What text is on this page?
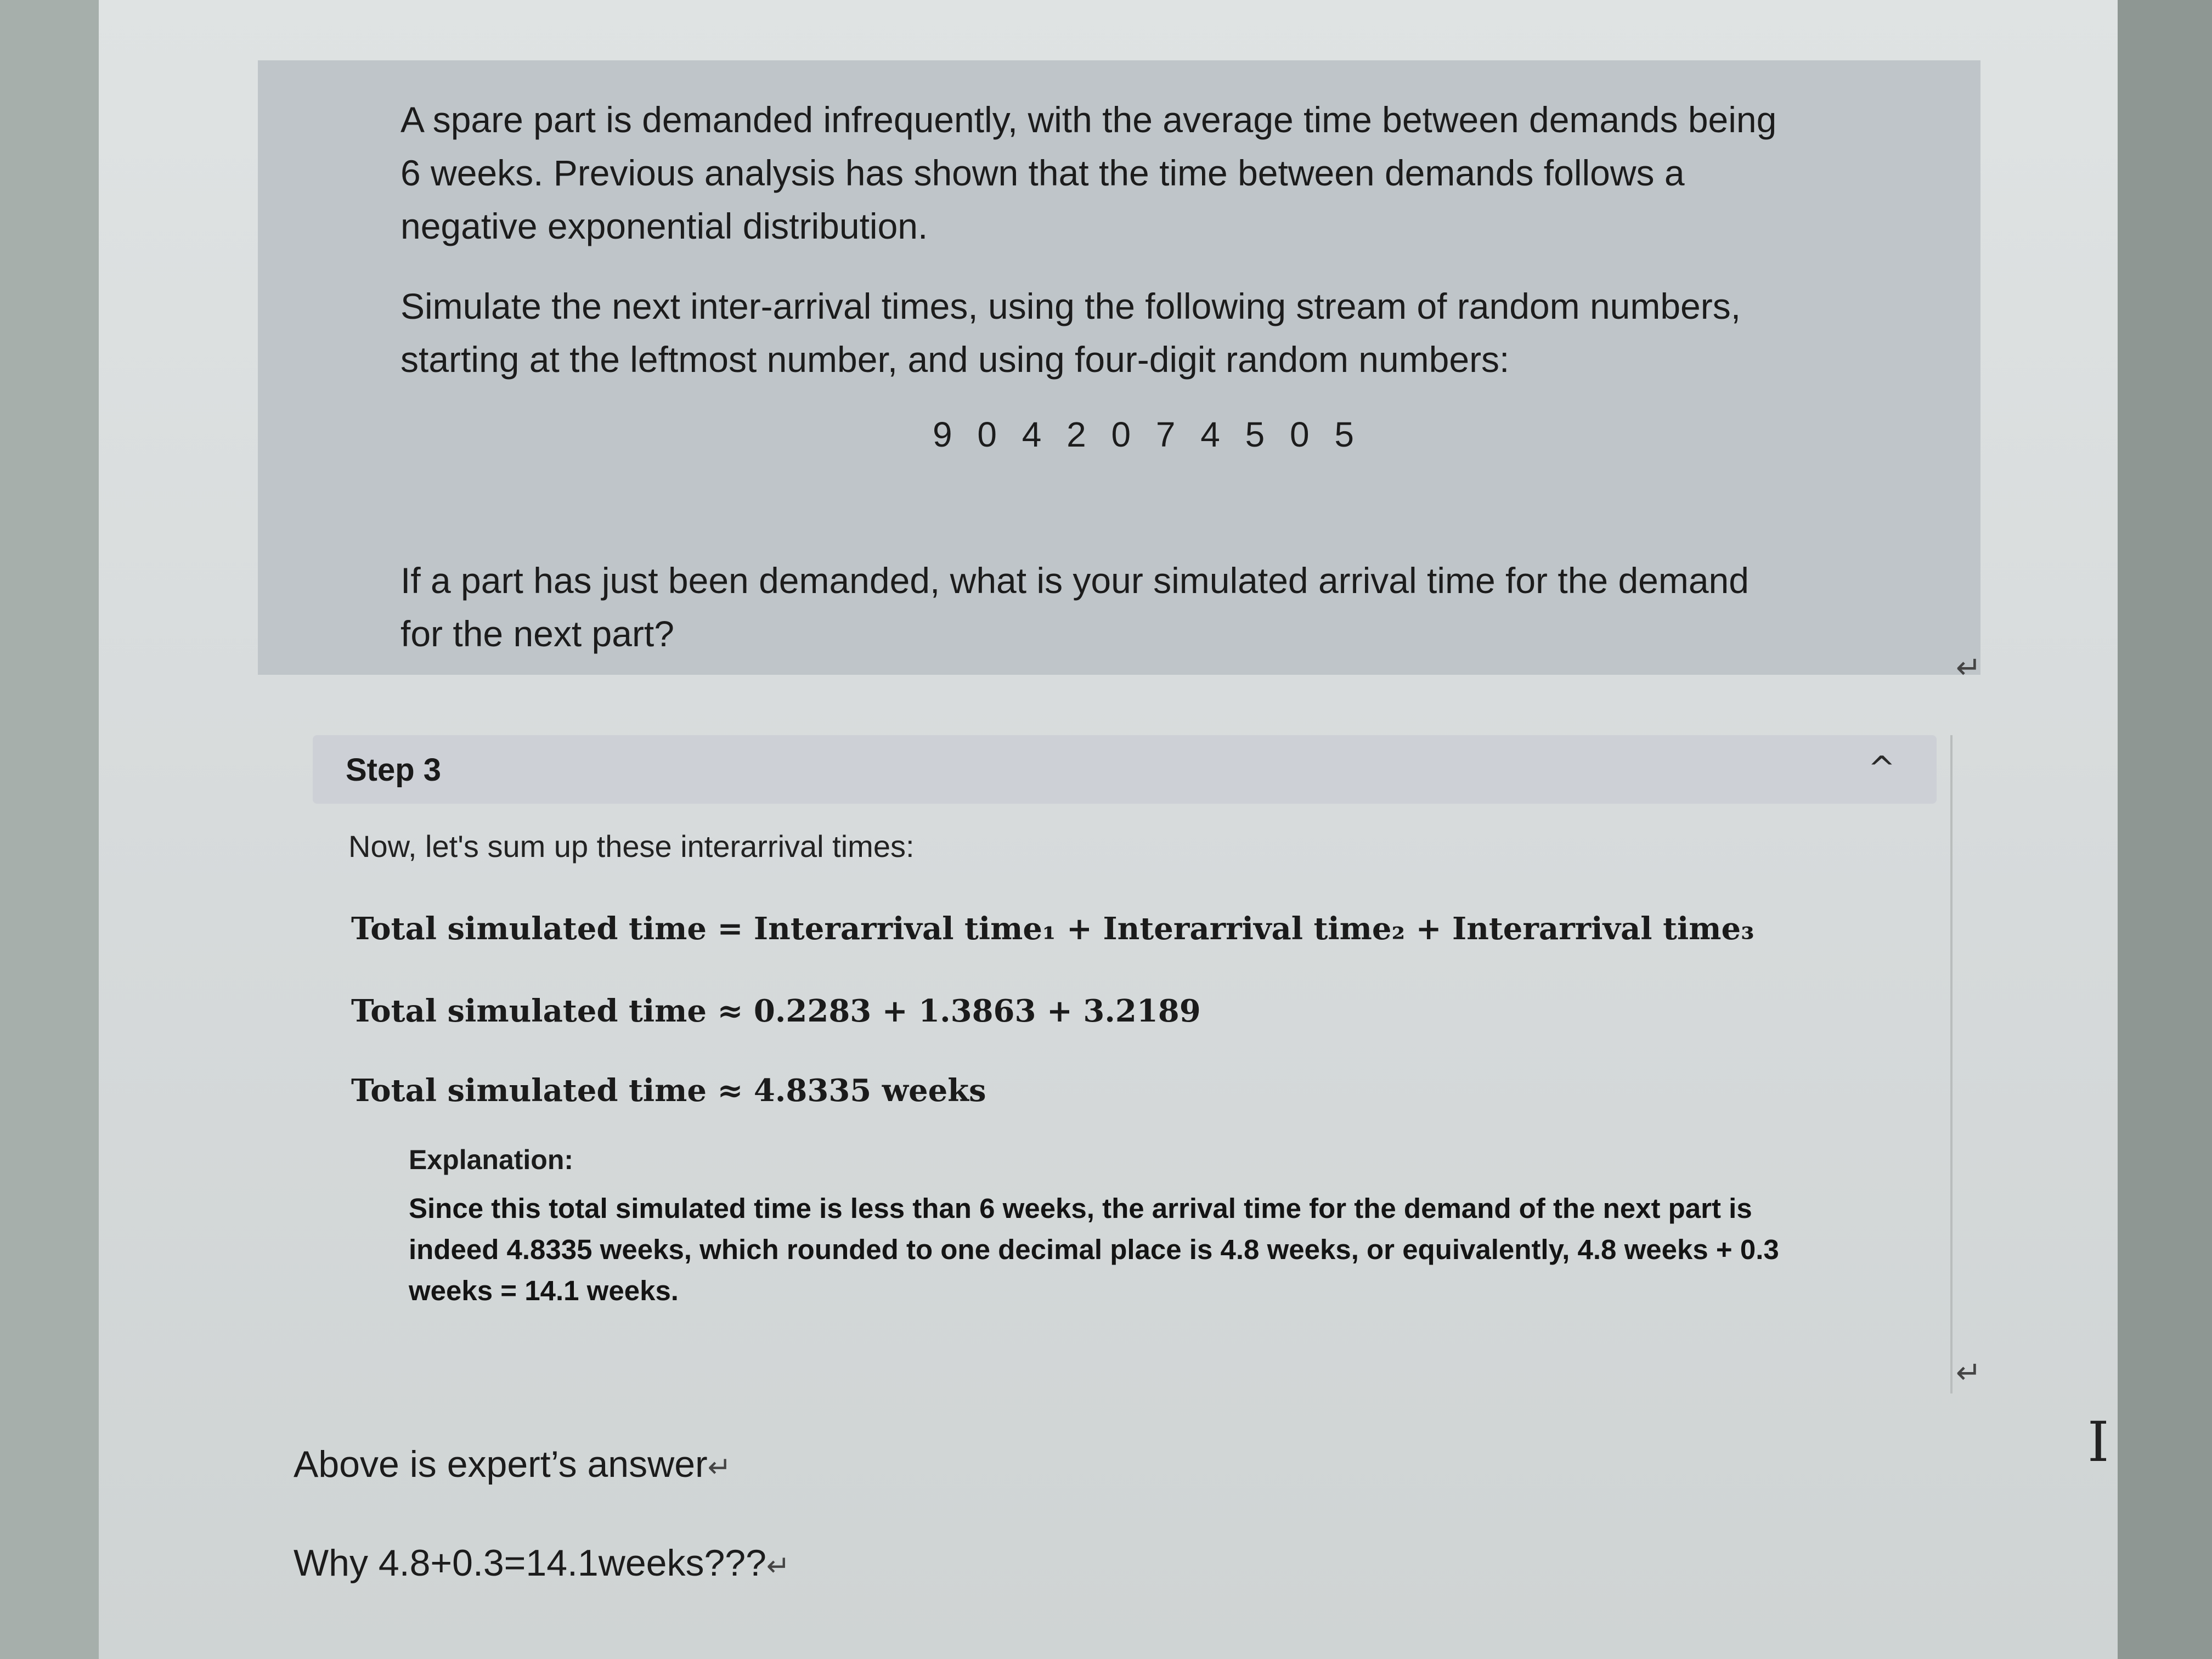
A spare part is demanded infrequently, with the average time between demands being 6 weeks. Previous analysis has shown that the time between demands follows a negative exponential distribution.
Simulate the next inter-arrival times, using the following stream of random numbers, starting at the leftmost number, and using four-digit random numbers:
9 0 4 2 0 7 4 5 0 5
If a part has just been demanded, what is your simulated arrival time for the demand for the next part?
↵
Step 3	^
Now, let's sum up these interarrival times:
Total simulated time = Interarrival time₁ + Interarrival time₂ + Interarrival time₃
Total simulated time ≈ 0.2283 + 1.3863 + 3.2189
Total simulated time ≈ 4.8335 weeks
Explanation:
Since this total simulated time is less than 6 weeks, the arrival time for the demand of the next part is indeed 4.8335 weeks, which rounded to one decimal place is 4.8 weeks, or equivalently, 4.8 weeks + 0.3 weeks = 14.1 weeks.
↵
Above is expert’s answer↵
Why 4.8+0.3=14.1weeks???↵
I
